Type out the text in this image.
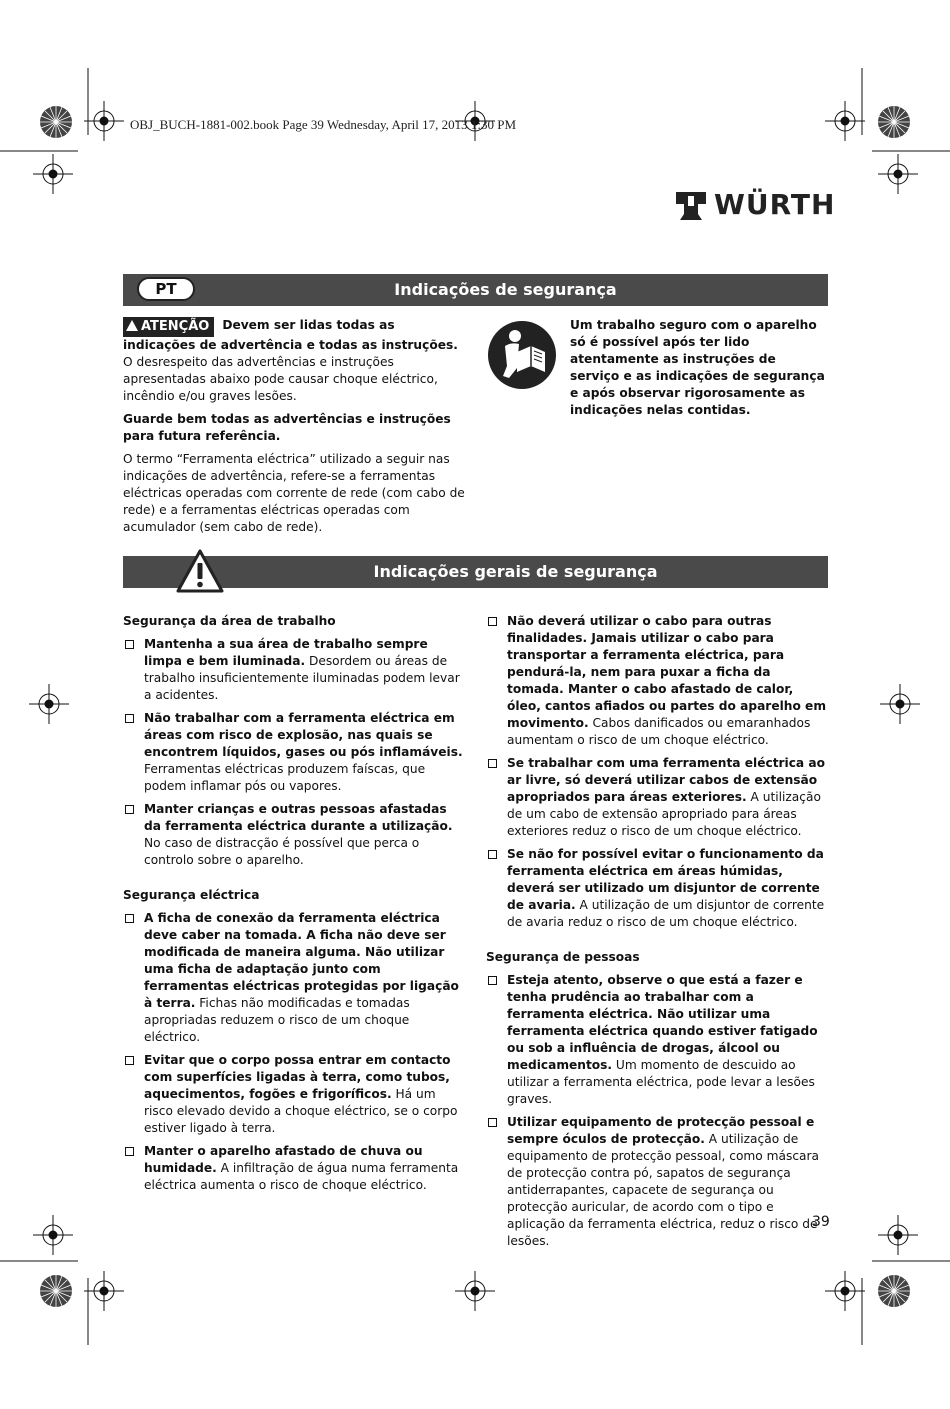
OBJ_BUCH-1881-002.book Page 39 Wednesday, April 17, 2013 1:30 PM
WÜRTH
PT	Indicações de segurança

ATENÇÃO Devem ser lidas todas as indicações de advertência e todas as instruções. O desrespeito das advertências e instruções apresentadas abaixo pode causar choque eléctrico, incêndio e/ou graves lesões.

Guarde bem todas as advertências e instruções para futura referência.

O termo “Ferramenta eléctrica” utilizado a seguir nas indicações de advertência, refere-se a ferramentas eléctricas operadas com corrente de rede (com cabo de rede) e a ferramentas eléctricas operadas com acumulador (sem cabo de rede).

Um trabalho seguro com o aparelho só é possível após ter lido atentamente as instruções de serviço e as indicações de segurança e após observar rigorosamente as indicações nelas contidas.
Indicações gerais de segurança

Segurança da área de trabalho

Mantenha a sua área de trabalho sempre limpa e bem iluminada. Desordem ou áreas de trabalho insuficientemente iluminadas podem levar a acidentes.
Não trabalhar com a ferramenta eléctrica em áreas com risco de explosão, nas quais se encontrem líquidos, gases ou pós inflamáveis. Ferramentas eléctricas produzem faíscas, que podem inflamar pós ou vapores.
Manter crianças e outras pessoas afastadas da ferramenta eléctrica durante a utilização. No caso de distracção é possível que perca o controlo sobre o aparelho.

Segurança eléctrica

A ficha de conexão da ferramenta eléctrica deve caber na tomada. A ficha não deve ser modificada de maneira alguma. Não utilizar uma ficha de adaptação junto com ferramentas eléctricas protegidas por ligação à terra. Fichas não modificadas e tomadas apropriadas reduzem o risco de um choque eléctrico.
Evitar que o corpo possa entrar em contacto com superfícies ligadas à terra, como tubos, aquecimentos, fogões e frigoríficos. Há um risco elevado devido a choque eléctrico, se o corpo estiver ligado à terra.
Manter o aparelho afastado de chuva ou humidade. A infiltração de água numa ferramenta eléctrica aumenta o risco de choque eléctrico.
Não deverá utilizar o cabo para outras finalidades. Jamais utilizar o cabo para transportar a ferramenta eléctrica, para pendurá-la, nem para puxar a ficha da tomada. Manter o cabo afastado de calor, óleo, cantos afiados ou partes do aparelho em movimento. Cabos danificados ou emaranhados aumentam o risco de um choque eléctrico.
Se trabalhar com uma ferramenta eléctrica ao ar livre, só deverá utilizar cabos de extensão apropriados para áreas exteriores. A utilização de um cabo de extensão apropriado para áreas exteriores reduz o risco de um choque eléctrico.
Se não for possível evitar o funcionamento da ferramenta eléctrica em áreas húmidas, deverá ser utilizado um disjuntor de corrente de avaria. A utilização de um disjuntor de corrente de avaria reduz o risco de um choque eléctrico.

Segurança de pessoas

Esteja atento, observe o que está a fazer e tenha prudência ao trabalhar com a ferramenta eléctrica. Não utilizar uma ferramenta eléctrica quando estiver fatigado ou sob a influência de drogas, álcool ou medicamentos. Um momento de descuido ao utilizar a ferramenta eléctrica, pode levar a lesões graves.
Utilizar equipamento de protecção pessoal e sempre óculos de protecção. A utilização de equipamento de protecção pessoal, como máscara de protecção contra pó, sapatos de segurança antiderrapantes, capacete de segurança ou protecção auricular, de acordo com o tipo e aplicação da ferramenta eléctrica, reduz o risco de lesões.
39
